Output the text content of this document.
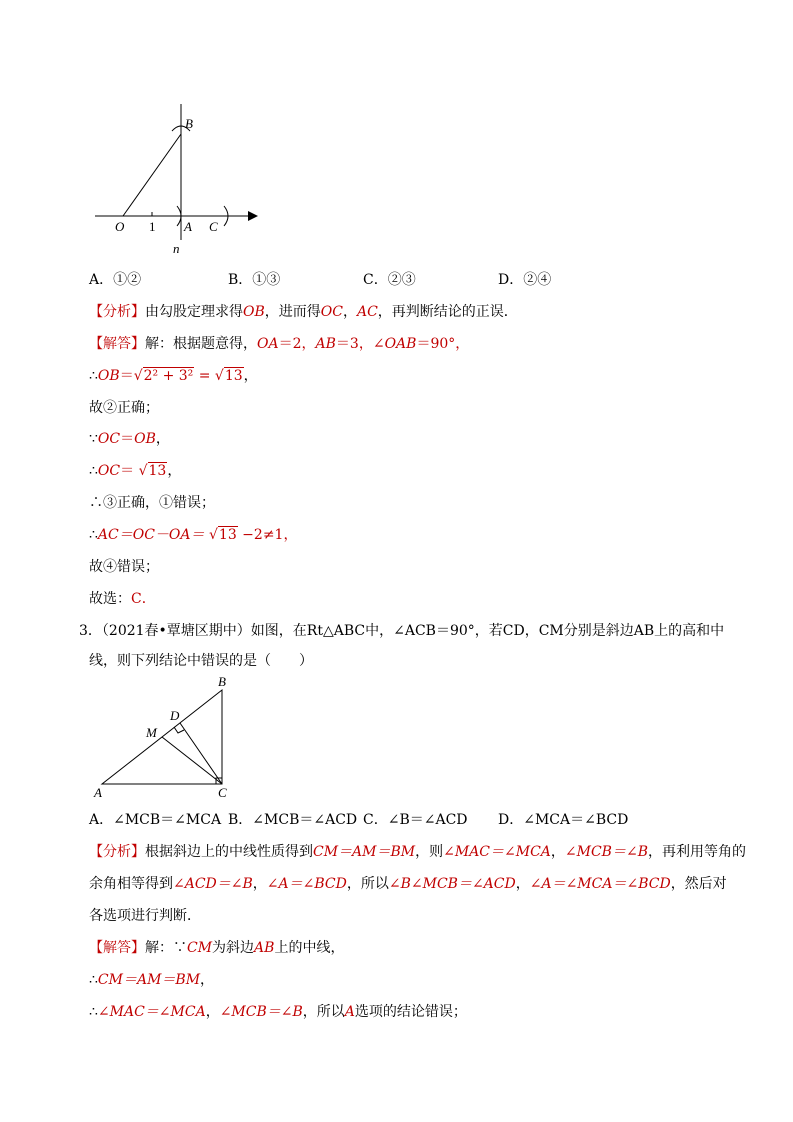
B
O 1 A C
n
A．①②	B．①③	C．②③	D．②④
【分析】由勾股定理求得OB，进而得OC，AC，再判断结论的正误．
【解答】解：根据题意得，OA＝2，AB＝3，∠OAB＝90°，
∴OB＝√2² + 3² = √13，
故②正确；
∵OC＝OB，
∴OC＝ √13，
∴③正确，①错误；
∴AC＝OC－OA＝ √13 −2≠1，
故④错误；
故选：C．
3．（2021春•覃塘区期中）如图，在Rt△ABC中，∠ACB＝90°，若CD，CM分别是斜边AB上的高和中
线，则下列结论中错误的是（　　）
B
D
M
A	C
A．∠MCB＝∠MCA B．∠MCB＝∠ACD C．∠B＝∠ACD D．∠MCA＝∠BCD
【分析】根据斜边上的中线性质得到CM＝AM＝BM，则∠MAC＝∠MCA，∠MCB＝∠B，再利用等角的
余角相等得到∠ACD＝∠B，∠A＝∠BCD，所以∠B∠MCB＝∠ACD，∠A＝∠MCA＝∠BCD，然后对
各选项进行判断．
【解答】解：∵CM为斜边AB上的中线，
∴CM＝AM＝BM，
∴∠MAC＝∠MCA，∠MCB＝∠B，所以A选项的结论错误；
